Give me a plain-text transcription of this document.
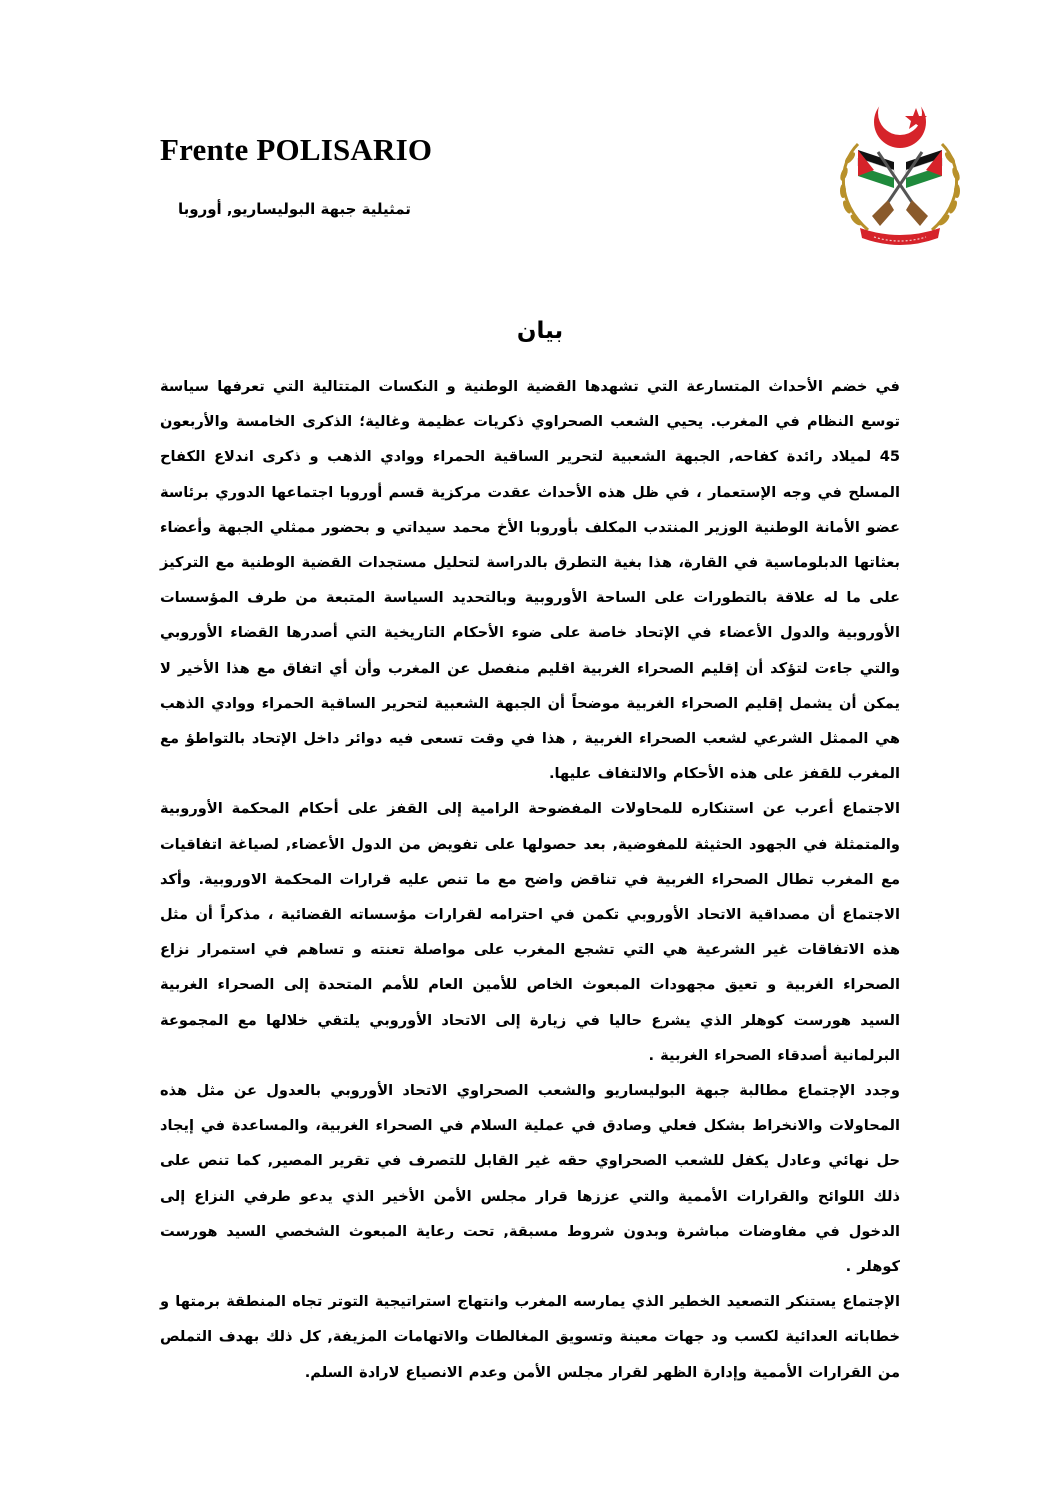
Frente POLISARIO

تمثيلية جبهة البوليساريو, أوروبا

بيان

في خضم الأحداث المتسارعة التي تشهدها القضية الوطنية و النكسات المتتالية التي تعرفها سياسة توسع النظام في المغرب. يحيي الشعب الصحراوي ذكريات عظيمة وغالية؛ الذكرى الخامسة والأربعون 45 لميلاد رائدة كفاحه, الجبهة الشعبية لتحرير الساقية الحمراء ووادي الذهب و ذكرى اندلاع الكفاح المسلح في وجه الإستعمار ، في ظل هذه الأحداث عقدت مركزية قسم أوروبا اجتماعها الدوري برئاسة عضو الأمانة الوطنية الوزير المنتدب المكلف بأوروبا الأخ محمد سيداتي و بحضور ممثلي الجبهة وأعضاء بعثاتها الدبلوماسية في القارة، هذا بغية التطرق بالدراسة لتحليل مستجدات القضية الوطنية مع التركيز على ما له علاقة بالتطورات على الساحة الأوروبية وبالتحديد السياسة المتبعة من طرف المؤسسات الأوروبية والدول الأعضاء في الإتحاد خاصة على ضوء الأحكام التاريخية التي أصدرها القضاء الأوروبي والتي جاءت لتؤكد أن إقليم الصحراء الغربية اقليم منفصل عن المغرب وأن أي اتفاق مع هذا الأخير لا يمكن أن يشمل إقليم الصحراء الغربية موضحاً أن الجبهة الشعبية لتحرير الساقية الحمراء ووادي الذهب هي الممثل الشرعي لشعب الصحراء الغربية , هذا في وقت تسعى فيه دوائر داخل الإتحاد بالتواطؤ مع المغرب للقفز على هذه الأحكام والالتفاف عليها.

الاجتماع أعرب عن استنكاره للمحاولات المفضوحة الرامية إلى القفز على أحكام المحكمة الأوروبية والمتمثلة في الجهود الحثيثة للمفوضية, بعد حصولها على تفويض من الدول الأعضاء, لصياغة اتفاقيات مع المغرب تطال الصحراء الغربية في تناقض واضح مع ما تنص عليه قرارات المحكمة الاوروبية. وأكد الاجتماع أن مصداقية الاتحاد الأوروبي تكمن في احترامه لقرارات مؤسساته القضائية ، مذكراً أن مثل هذه الاتفاقات غير الشرعية هي التي تشجع المغرب على مواصلة تعنته و تساهم في استمرار نزاع الصحراء الغربية و تعيق مجهودات المبعوث الخاص للأمين العام للأمم المتحدة إلى الصحراء الغربية السيد هورست كوهلر الذي يشرع حاليا في زيارة إلى الاتحاد الأوروبي يلتقي خلالها مع المجموعة البرلمانية أصدقاء الصحراء الغربية .

وجدد الإجتماع مطالبة جبهة البوليساريو والشعب الصحراوي الاتحاد الأوروبي بالعدول عن مثل هذه المحاولات والانخراط بشكل فعلي وصادق في عملية السلام في الصحراء الغربية، والمساعدة في إيجاد حل نهائي وعادل يكفل للشعب الصحراوي حقه غير القابل للتصرف في تقرير المصير, كما تنص على ذلك اللوائح والقرارات الأممية والتي عززها قرار مجلس الأمن الأخير الذي يدعو طرفي النزاع إلى الدخول في مفاوضات مباشرة وبدون شروط مسبقة, تحت رعاية المبعوث الشخصي السيد هورست كوهلر .

الإجتماع يستنكر التصعيد الخطير الذي يمارسه المغرب وانتهاج استراتيجية التوتر تجاه المنطقة برمتها و خطاباته العدائية لكسب ود جهات معينة وتسويق المغالطات والاتهامات المزيفة, كل ذلك بهدف التملص من القرارات الأممية وإدارة الظهر لقرار مجلس الأمن وعدم الانصياع لارادة السلم.
